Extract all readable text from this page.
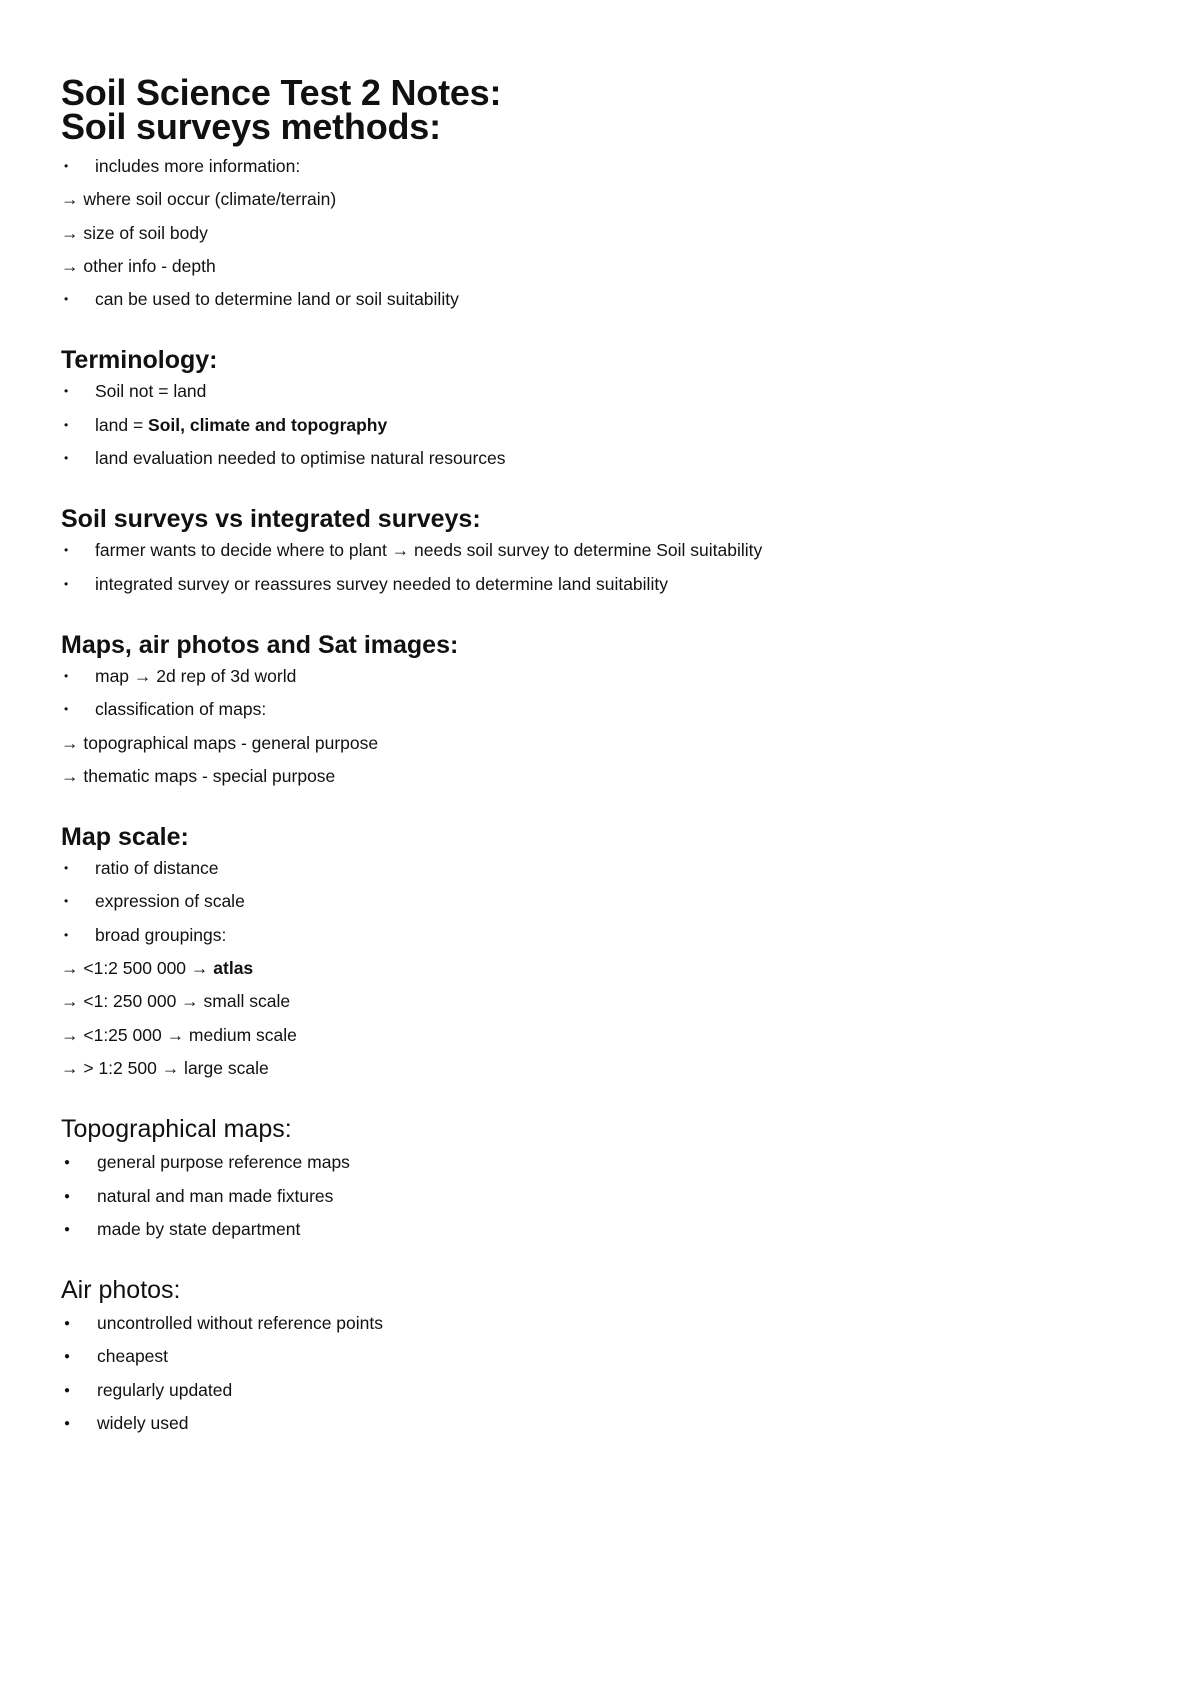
Soil Science Test 2 Notes:
Soil surveys methods:
• includes more information:
→ where soil occur (climate/terrain)
→ size of soil body
→ other info - depth
• can be used to determine land or soil suitability
Terminology:
• Soil not = land
• land = Soil, climate and topography
• land evaluation needed to optimise natural resources
Soil surveys vs integrated surveys:
• farmer wants to decide where to plant → needs soil survey to determine Soil suitability
• integrated survey or reassures survey needed to determine land suitability
Maps, air photos and Sat images:
• map → 2d rep of 3d world
• classification of maps:
→ topographical maps - general purpose
→ thematic maps - special purpose
Map scale:
• ratio of distance
• expression of scale
• broad groupings:
→ <1:2 500 000 → atlas
→ <1: 250 000 → small scale
→ <1:25 000 → medium scale
→ > 1:2 500 → large scale
Topographical maps:
● general purpose reference maps
● natural and man made fixtures
● made by state department
Air photos:
● uncontrolled without reference points
● cheapest
● regularly updated
● widely used
